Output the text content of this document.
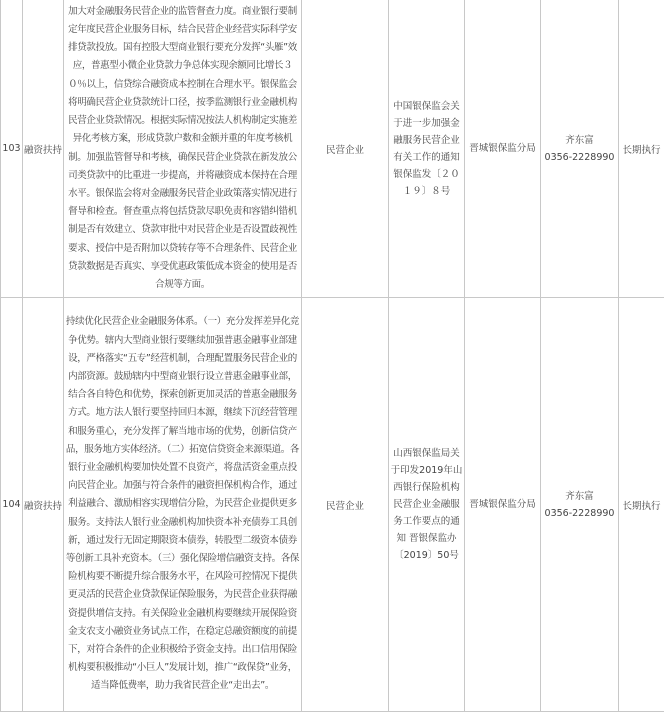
103	融资扶持	加大对金融服务民营企业的监管督查力度。商业银行要制定年度民营企业服务目标，结合民营企业经营实际科学安排贷款投放。国有控股大型商业银行要充分发挥“头雁”效应，普惠型小微企业贷款力争总体实现余额同比增长３０％以上，信贷综合融资成本控制在合理水平。银保监会将明确民营企业贷款统计口径，按季监测银行业金融机构民营企业贷款情况。根据实际情况按法人机构制定实施差异化考核方案，形成贷款户数和金额并重的年度考核机制。加强监管督导和考核，确保民营企业贷款在新发放公司类贷款中的比重进一步提高，并将融资成本保持在合理水平。银保监会将对金融服务民营企业政策落实情况进行督导和检查。督查重点将包括贷款尽职免责和容错纠错机制是否有效建立、贷款审批中对民营企业是否设置歧视性要求、授信中是否附加以贷转存等不合理条件、民营企业贷款数据是否真实、享受优惠政策低成本资金的使用是否合规等方面。	民营企业	中国银保监会关于进一步加强金融服务民营企业有关工作的通知银保监发〔２０１９〕８号	晋城银保监分局	齐东富
0356-2228990	长期执行
104	融资扶持	持续优化民营企业金融服务体系。（一）充分发挥差异化竞争优势。辖内大型商业银行要继续加强普惠金融事业部建设，严格落实“五专”经营机制，合理配置服务民营企业的内部资源。鼓励辖内中型商业银行设立普惠金融事业部，结合各自特色和优势，探索创新更加灵活的普惠金融服务方式。地方法人银行要坚持回归本源，继续下沉经营管理和服务重心，充分发挥了解当地市场的优势，创新信贷产品，服务地方实体经济。（二）拓宽信贷资金来源渠道。各银行业金融机构要加快处置不良资产，将盘活资金重点投向民营企业。加强与符合条件的融资担保机构合作，通过利益融合、激励相容实现增信分险，为民营企业提供更多服务。支持法人银行业金融机构加快资本补充债券工具创新，通过发行无固定期限资本债券，转股型二级资本债券等创新工具补充资本。（三）强化保险增信融资支持。各保险机构要不断提升综合服务水平，在风险可控情况下提供更灵活的民营企业贷款保证保险服务，为民营企业获得融资提供增信支持。有关保险业金融机构要继续开展保险资金支农支小融资业务试点工作，在稳定总融资额度的前提下，对符合条件的企业积极给予资金支持。出口信用保险机构要积极推动“小巨人”发展计划，推广“政保贷”业务，适当降低费率，助力我省民营企业“走出去”。	民营企业	山西银保监局关于印发2019年山西银行保险机构民营企业金融服务工作要点的通知 晋银保监办〔2019〕50号	晋城银保监分局	齐东富
0356-2228990	长期执行
